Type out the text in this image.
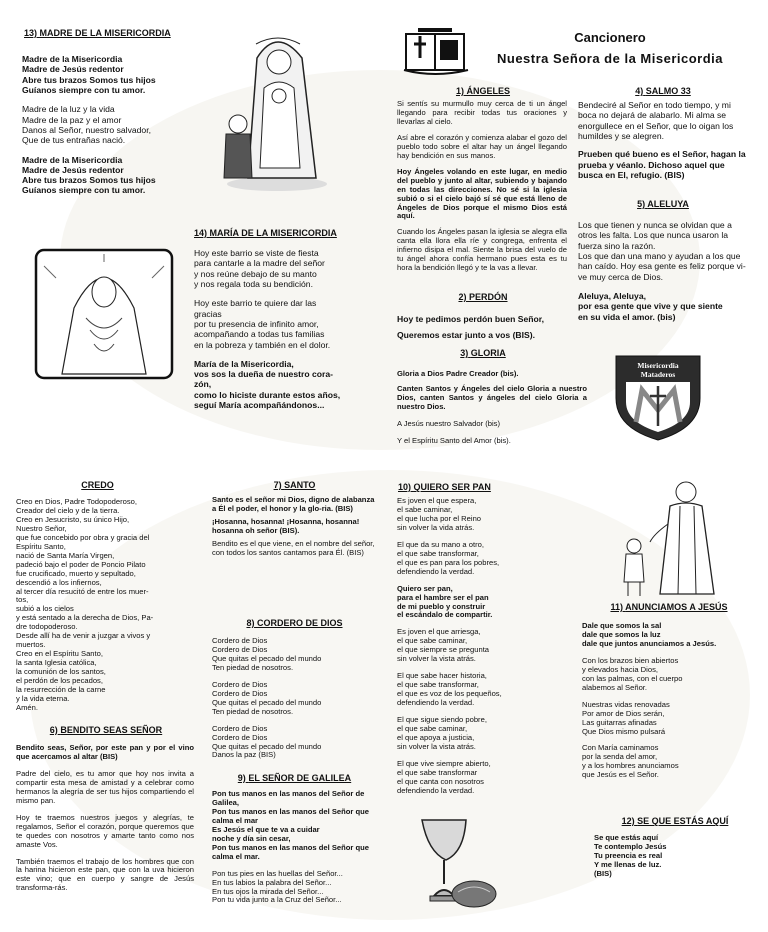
Cancionero
Nuestra Señora de la Misericordia
13) MADRE DE LA MISERICORDIA

Madre de la Misericordia
Madre de Jesús redentor
Abre tus brazos Somos tus hijos
Guíanos siempre con tu amor.

Madre de la luz y la vida
Madre de la paz y el amor
Danos al Señor, nuestro salvador,
Que de tus entrañas nació.

Madre de la Misericordia
Madre de Jesús redentor
Abre tus brazos Somos tus hijos
Guíanos siempre con tu amor.

14) MARÍA DE LA MISERICORDIA

Hoy este barrio se viste de fiesta
para cantarle a la madre del señor
y nos reúne debajo de su manto
y nos regala toda su bendición.

Hoy este barrio te quiere dar las
gracias
por tu presencia de infinito amor,
acompañando a todas tus familias
en la pobreza y también en el dolor.

María de la Misericordia,
vos sos la dueña de nuestro cora-
zón,
como lo hiciste durante estos años,
seguí María acompañándonos...

1) ÁNGELES

Si sentís su murmullo muy cerca de ti un ángel llegando para recibir todas tus oraciones y llevarlas al cielo.

Así abre el corazón y comienza alabar el gozo del pueblo todo sobre el altar hay un ángel llegando hay bendición en sus manos.

Hoy Ángeles volando en este lugar, en medio del pueblo y junto al altar, subiendo y bajando en todas las direcciones. No sé si la iglesia subió o si el cielo bajó sí sé que está lleno de Ángeles de Dios porque el mismo Dios está aquí.

Cuando los Ángeles pasan la iglesia se alegra ella canta ella llora ella ríe y congrega, enfrenta el infierno disipa el mal. Siente la brisa del vuelo de tu ángel ahora confía hermano pues esta es tu hora la bendición llegó y te la vas a llevar.

2) PERDÓN

Hoy te pedimos perdón buen Señor,

Queremos estar junto a vos (BIS).

3) GLORIA

Gloria a Dios Padre Creador (bis).

Canten Santos y Ángeles del cielo Gloria a nuestro Dios, canten Santos y ángeles del cielo Gloria a nuestro Dios.

A Jesús nuestro Salvador (bis)

Y el Espíritu Santo del Amor (bis).

4) SALMO 33

Bendeciré al Señor en todo tiempo, y mi boca no dejará de alabarlo. Mi alma se enorgullece en el Señor, que lo oigan los humildes y se alegren.

Prueben qué bueno es el Señor, hagan la prueba y véanlo. Dichoso aquel que busca en El, refugio. (BIS)

5) ALELUYA

Los que tienen y nunca se olvidan que a otros les falta. Los que nunca usaron la fuerza sino la razón.
Los que dan una mano y ayudan a los que han caído. Hoy esa gente es feliz porque vi-ve muy cerca de Dios.

Aleluya, Aleluya,
por esa gente que vive y que siente
en su vida el amor. (bis)

Misericordia
Mataderos
CREDO

Creo en Dios, Padre Todopoderoso,
Creador del cielo y de la tierra.
Creo en Jesucristo, su único Hijo,
Nuestro Señor,
que fue concebido por obra y gracia del
Espíritu Santo,
nació de Santa María Virgen,
padeció bajo el poder de Poncio Pilato
fue crucificado, muerto y sepultado,
descendió a los infiernos,
al tercer día resucitó de entre los muer-
tos,
subió a los cielos
y está sentado a la derecha de Dios, Pa-
dre todopoderoso.
Desde allí ha de venir a juzgar a vivos y
muertos.
Creo en el Espíritu Santo,
la santa Iglesia católica,
la comunión de los santos,
el perdón de los pecados,
la resurrección de la carne
y la vida eterna.
Amén.

6) BENDITO SEAS SEÑOR

Bendito seas, Señor, por este pan y por el vino que acercamos al altar (BIS)

Padre del cielo, es tu amor que hoy nos invita a compartir esta mesa de amistad y a celebrar como hermanos la alegría de ser tus hijos compartiendo el mismo pan.

Hoy te traemos nuestros juegos y alegrías, te regalamos, Señor el corazón, porque queremos que te quedes con nosotros y amarte tanto como nos amaste Vos.

También traemos el trabajo de los hombres que con la harina hicieron este pan, que con la uva hicieron este vino; que en cuerpo y sangre de Jesús transforma-rás.

7) SANTO

Santo es el señor mi Dios, digno de alabanza
a Él el poder, el honor y la glo-ria. (BIS)

¡Hosanna, hosanna! ¡Hosanna, hosanna!
hosanna oh señor (BIS).

Bendito es el que viene, en el nombre del señor,
con todos los santos cantamos para Él. (BIS)

8) CORDERO DE DIOS

Cordero de Dios
Cordero de Dios
Que quitas el pecado del mundo
Ten piedad de nosotros.

Cordero de Dios
Cordero de Dios
Que quitas el pecado del mundo
Ten piedad de nosotros.

Cordero de Dios
Cordero de Dios
Que quitas el pecado del mundo
Danos la paz (BIS)

9) EL SEÑOR DE GALILEA

Pon tus manos en las manos del Señor de Galilea,
Pon tus manos en las manos del Señor que calma el mar
Es Jesús el que te va a cuidar
noche y día sin cesar,
Pon tus manos en las manos del Señor que calma el mar.

Pon tus pies en las huellas del Señor...
En tus labios la palabra del Señor...
En tus ojos la mirada del Señor...
Pon tu vida junto a la Cruz del Señor...

10) QUIERO SER PAN

Es joven el que espera,
el sabe caminar,
el que lucha por el Reino
sin volver la vida atrás.

El que da su mano a otro,
el que sabe transformar,
el que es pan para los pobres,
defendiendo la verdad.

Quiero ser pan,
para el hambre ser el pan
de mi pueblo y construir
el escándalo de compartir.

Es joven el que arriesga,
el que sabe caminar,
el que siempre se pregunta
sin volver la vista atrás.

El que sabe hacer historia,
el que sabe transformar,
el que es voz de los pequeños,
defendiendo la verdad.

El que sigue siendo pobre,
el que sabe caminar,
el que apoya a justicia,
sin volver la vista atrás.

El que vive siempre abierto,
el que sabe transformar
el que canta con nosotros
defendiendo la verdad.

11) ANUNCIAMOS A JESÚS

Dale que somos la sal
dale que somos la luz
dale que juntos anunciamos a Jesús.

Con los brazos bien abiertos
y elevados hacia Dios,
con las palmas, con el cuerpo
alabemos al Señor.

Nuestras vidas renovadas
Por amor de Dios serán,
Las guitarras afinadas
Que Dios mismo pulsará

Con María caminamos
por la senda del amor,
y a los hombres anunciamos
que Jesús es el Señor.

12) SE QUE ESTÁS AQUÍ

Se que estás aquí
Te contemplo Jesús
Tu preencia es real
Y me llenas de luz.
(BIS)
